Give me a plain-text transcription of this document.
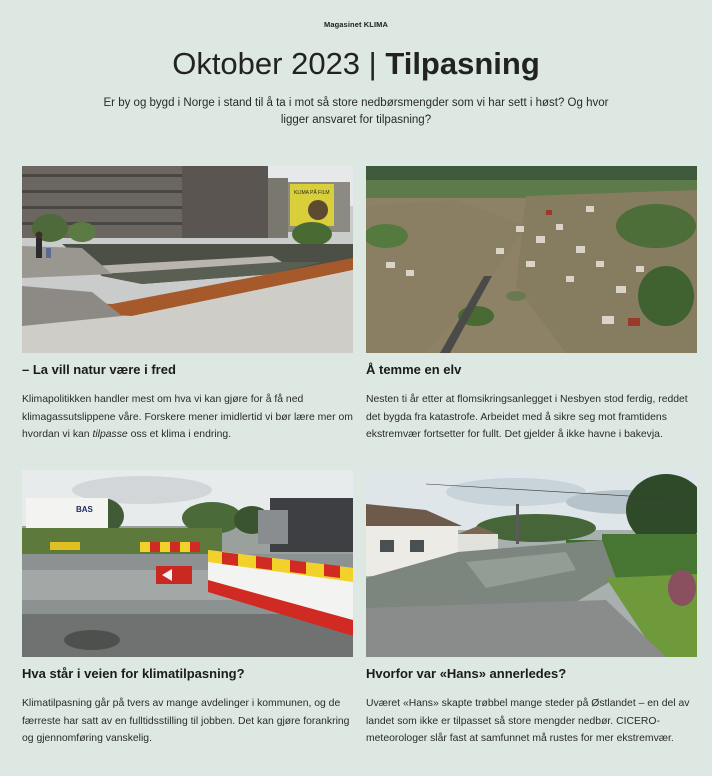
Magasinet KLIMA
Oktober 2023 | Tilpasning
Er by og bygd i Norge i stand til å ta i mot så store nedbørsmengder som vi har sett i høst? Og hvor ligger ansvaret for tilpasning?
KLIMA PÅ FILM
– La vill natur være i fred

Klimapolitikken handler mest om hva vi kan gjøre for å få ned klimagassutslippene våre. Forskere mener imidlertid vi bør lære mer om hvordan vi kan tilpasse oss et klima i endring.

Å temme en elv

Nesten ti år etter at flomsikringsanlegget i Nesbyen stod ferdig, reddet det bygda fra katastrofe. Arbeidet med å sikre seg mot framtidens ekstremvær fortsetter for fullt. Det gjelder å ikke havne i bakevja.

BAS
Hva står i veien for klimatilpasning?

Klimatilpasning går på tvers av mange avdelinger i kommunen, og de færreste har satt av en fulltidsstilling til jobben. Det kan gjøre forankring og gjennomføring vanskelig.

Hvorfor var «Hans» annerledes?

Uværet «Hans» skapte trøbbel mange steder på Østlandet – en del av landet som ikke er tilpasset så store mengder nedbør. CICERO-meteorologer slår fast at samfunnet må rustes for mer ekstremvær.
